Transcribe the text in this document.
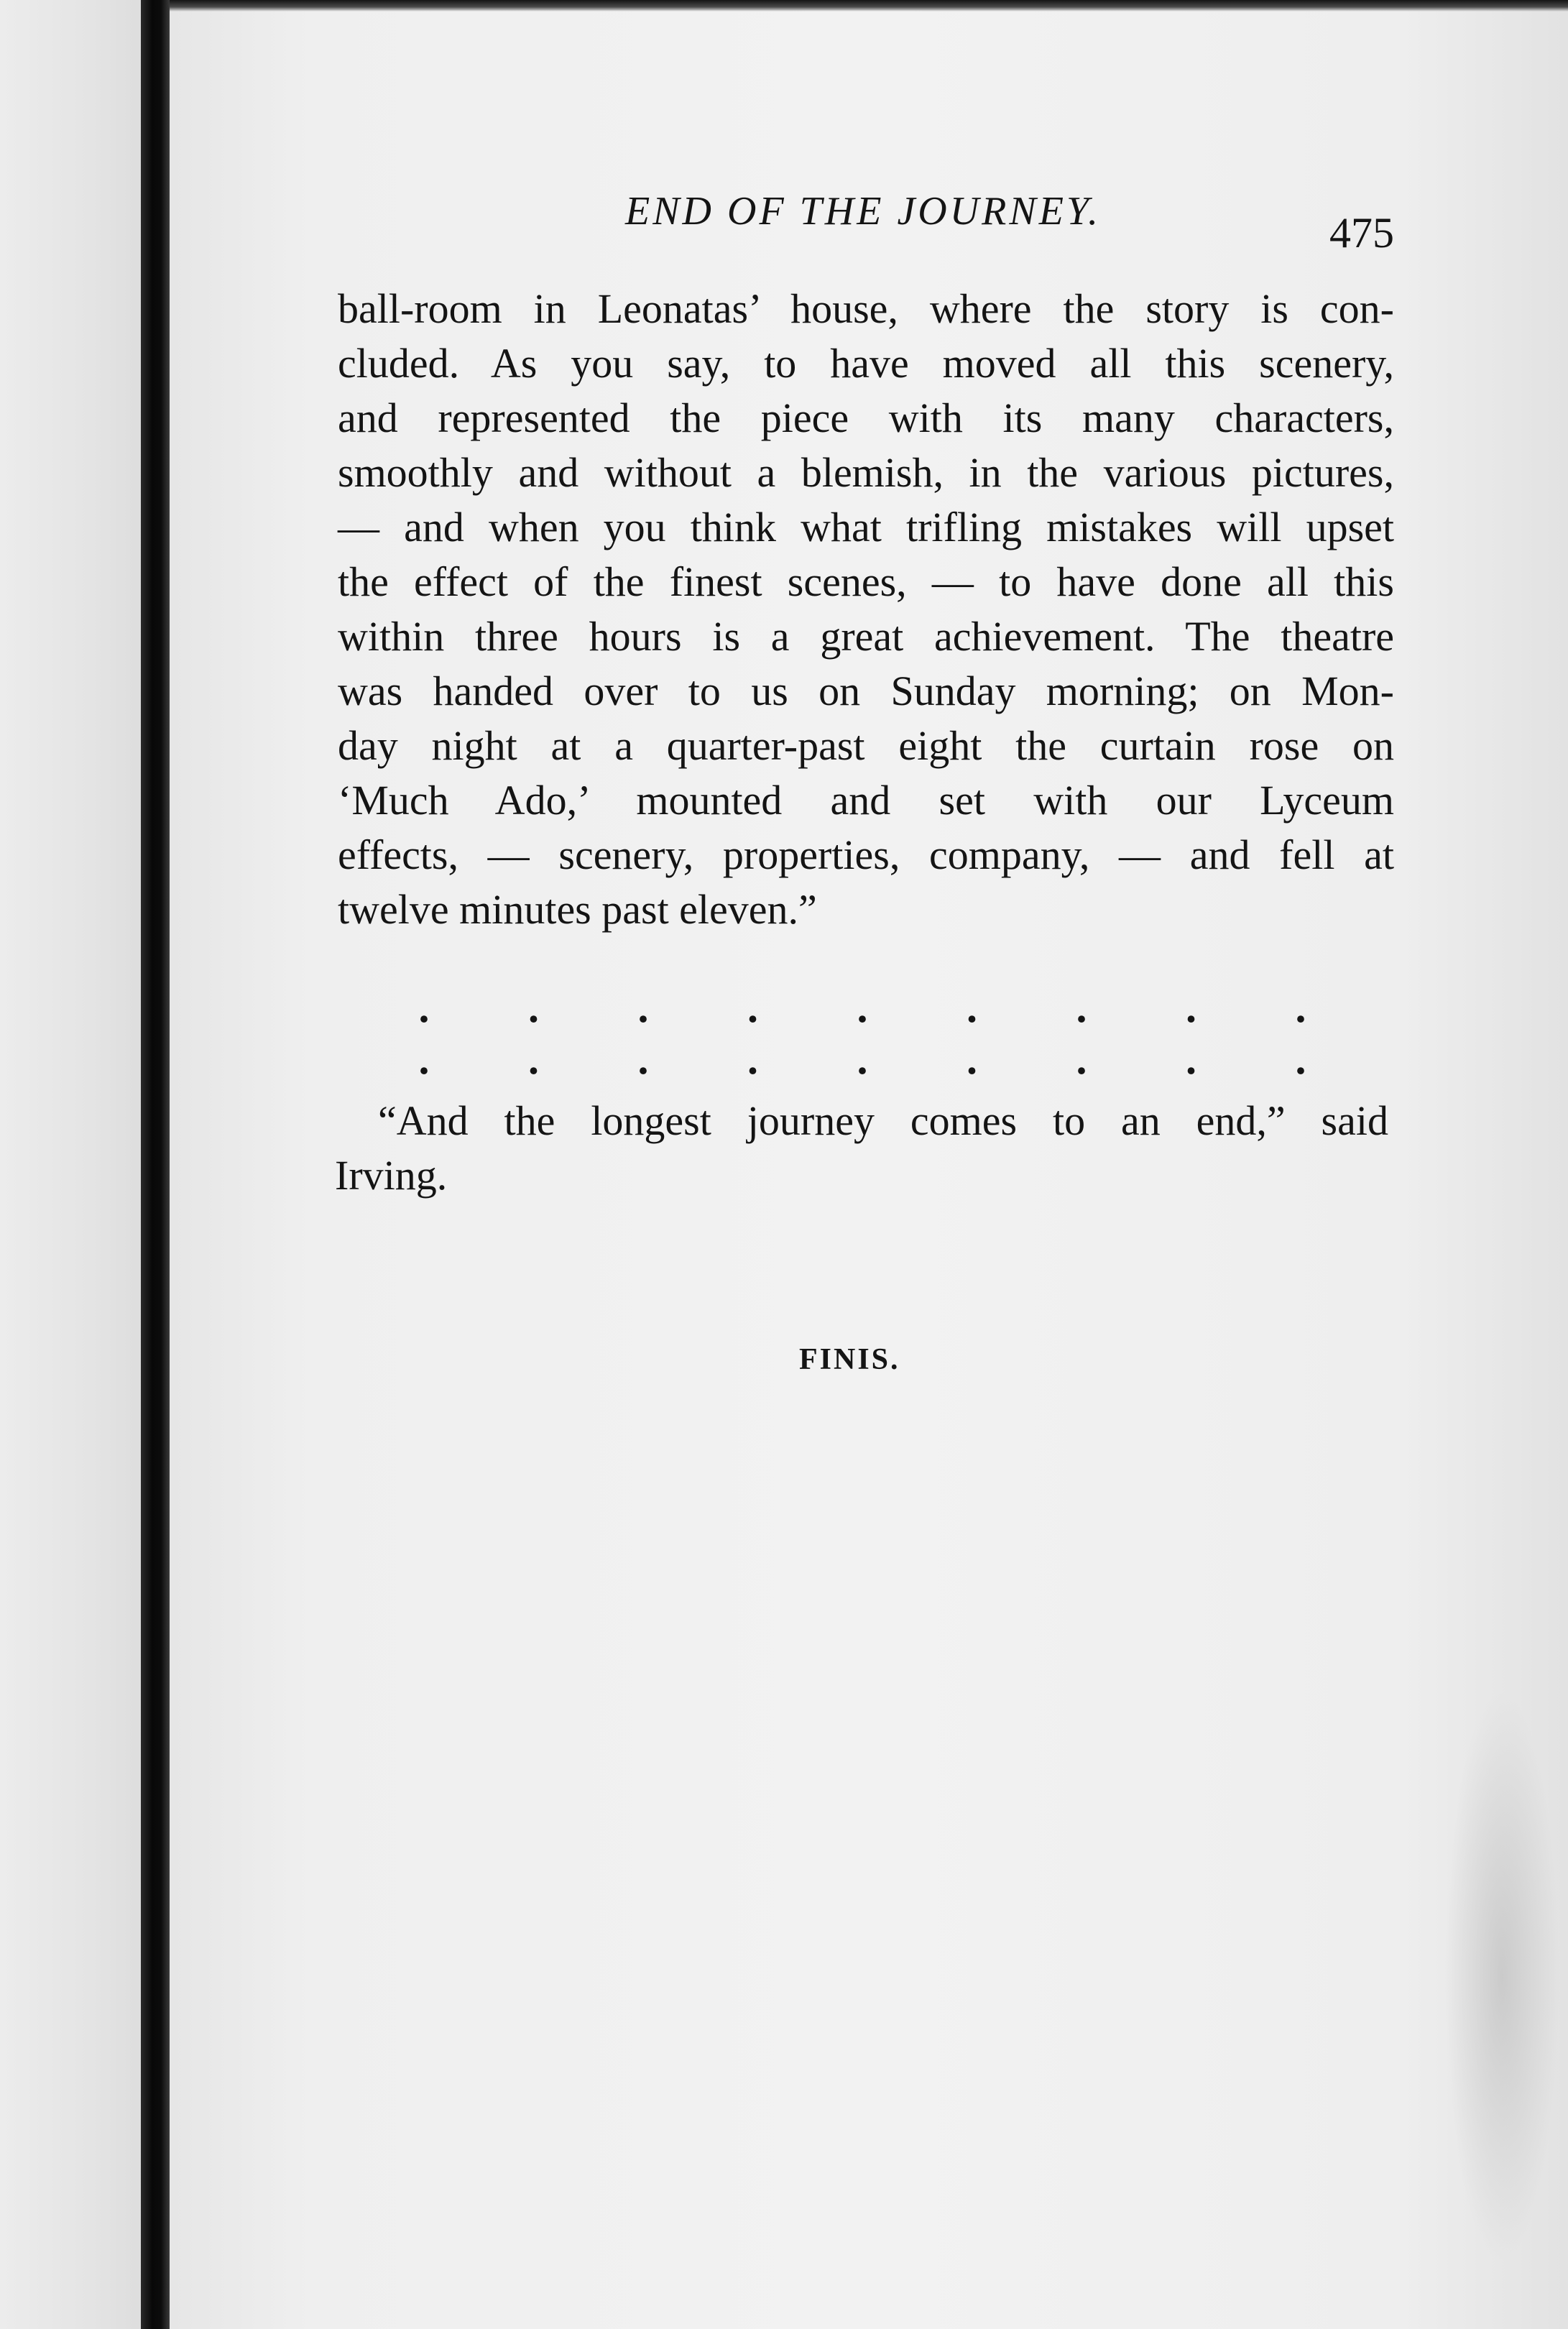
END OF THE JOURNEY.	475
ball-room in Leonatas’ house, where the story is con-
cluded. As you say, to have moved all this scenery,
and represented the piece with its many characters,
smoothly and without a blemish, in the various pictures,
— and when you think what trifling mistakes will upset
the effect of the finest scenes, — to have done all this
within three hours is a great achievement. The theatre
was handed over to us on Sunday morning; on Mon-
day night at a quarter-past eight the curtain rose on
‘Much Ado,’ mounted and set with our Lyceum
effects, — scenery, properties, company, — and fell at
twelve minutes past eleven.”
. . . . . . . . .
. . . . . . . . .
“And the longest journey comes to an end,” said
Irving.
FINIS.
